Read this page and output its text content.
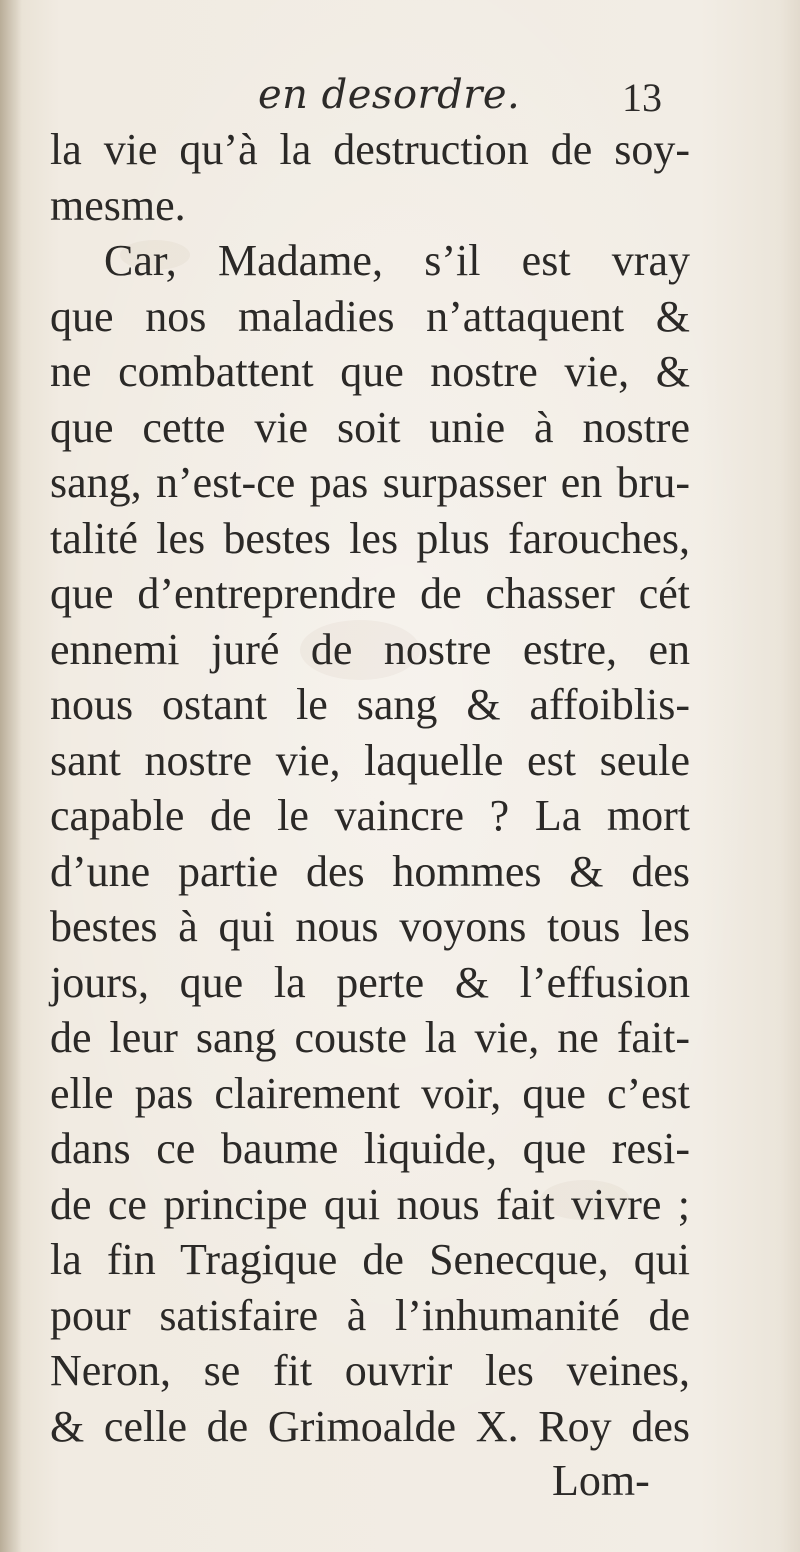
en desordre.	13
la vie qu’à la destruction de soy-
mesme.
Car, Madame, s’il est vray
que nos maladies n’attaquent &
ne combattent que nostre vie, &
que cette vie soit unie à nostre
sang, n’est-ce pas surpasser en bru-
talité les bestes les plus farouches,
que d’entreprendre de chasser cét
ennemi juré de nostre estre, en
nous ostant le sang & affoiblis-
sant nostre vie, laquelle est seule
capable de le vaincre ? La mort
d’une partie des hommes & des
bestes à qui nous voyons tous les
jours, que la perte & l’effusion
de leur sang couste la vie, ne fait-
elle pas clairement voir, que c’est
dans ce baume liquide, que resi-
de ce principe qui nous fait vivre ;
la fin Tragique de Senecque, qui
pour satisfaire à l’inhumanité de
Neron, se fit ouvrir les veines,
& celle de Grimoalde X. Roy des
Lom-
